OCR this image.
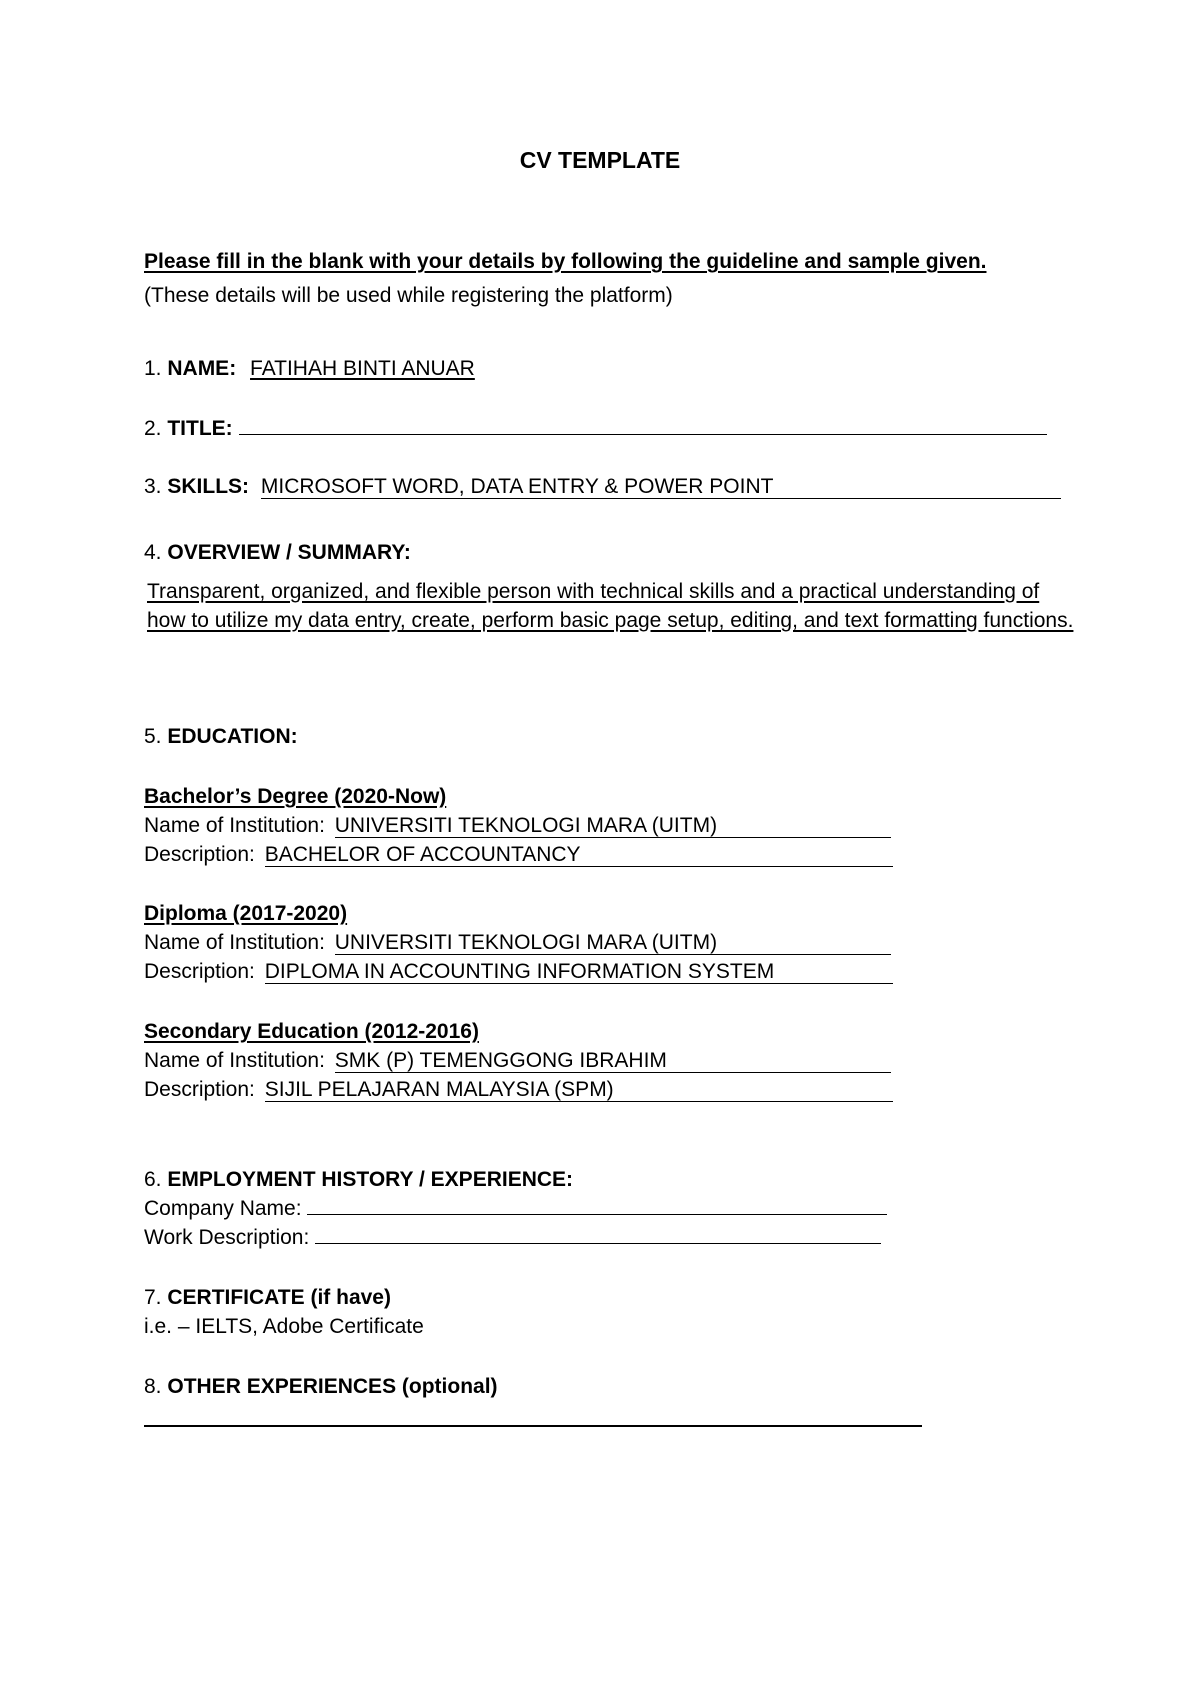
CV TEMPLATE
Please fill in the blank with your details by following the guideline and sample given.
(These details will be used while registering the platform)
1. NAME: FATIHAH BINTI ANUAR
2. TITLE:
3. SKILLS: MICROSOFT WORD, DATA ENTRY & POWER POINT
4. OVERVIEW / SUMMARY:
Transparent, organized, and flexible person with technical skills and a practical understanding of how to utilize my data entry, create, perform basic page setup, editing, and text formatting functions.
5. EDUCATION:
Bachelor’s Degree (2020-Now)
Name of Institution: UNIVERSITI TEKNOLOGI MARA (UITM)
Description: BACHELOR OF ACCOUNTANCY
Diploma (2017-2020)
Name of Institution: UNIVERSITI TEKNOLOGI MARA (UITM)
Description: DIPLOMA IN ACCOUNTING INFORMATION SYSTEM
Secondary Education (2012-2016)
Name of Institution: SMK (P) TEMENGGONG IBRAHIM
Description: SIJIL PELAJARAN MALAYSIA (SPM)
6. EMPLOYMENT HISTORY / EXPERIENCE:
Company Name:
Work Description:
7. CERTIFICATE (if have)
i.e. – IELTS, Adobe Certificate
8. OTHER EXPERIENCES (optional)
